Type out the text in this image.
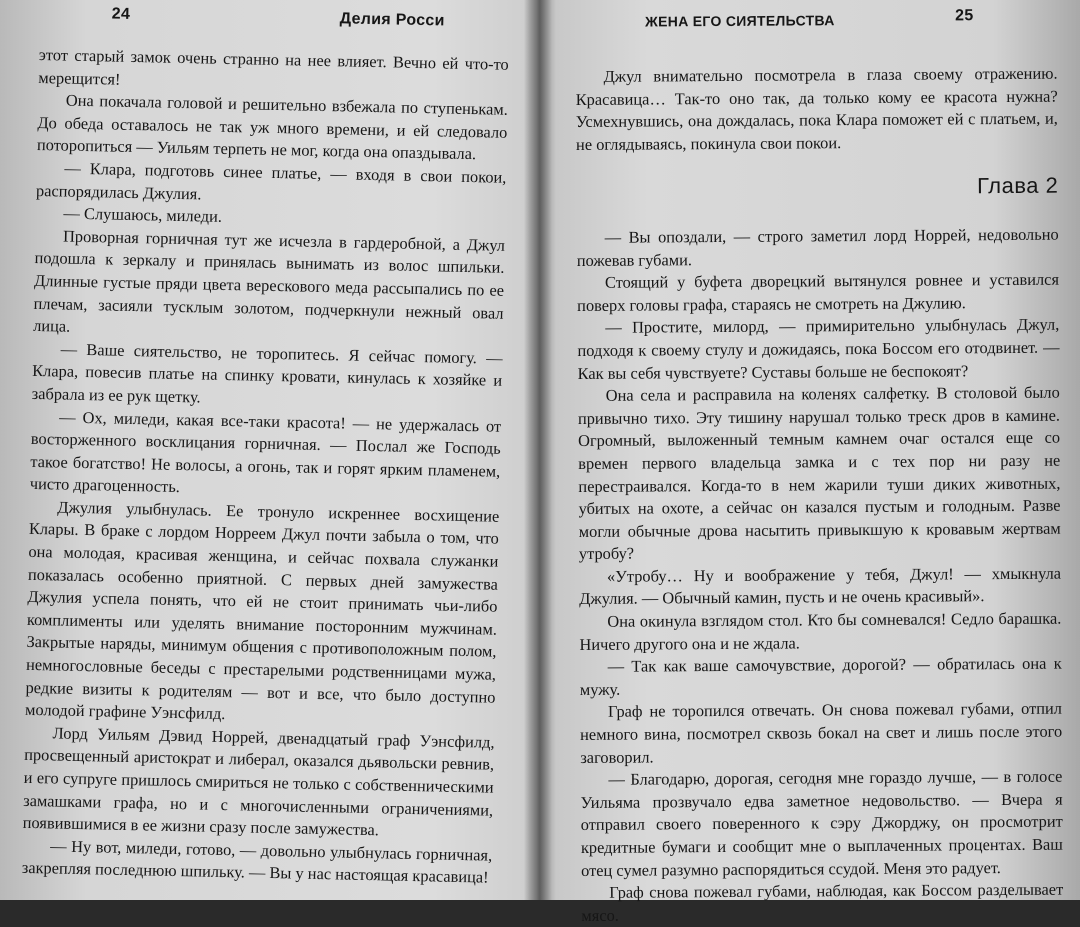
24	Делия Росси

этот старый замок очень странно на нее влияет. Вечно ей что-то мерещится!

Она покачала головой и решительно взбежала по ступенькам. До обеда оставалось не так уж много времени, и ей следовало поторопиться — Уильям терпеть не мог, когда она опаздывала.

— Клара, подготовь синее платье, — входя в свои покои, распорядилась Джулия.

— Слушаюсь, миледи.

Проворная горничная тут же исчезла в гардеробной, а Джул подошла к зеркалу и принялась вынимать из волос шпильки. Длинные густые пряди цвета верескового меда рассыпались по ее плечам, засияли тусклым золотом, подчеркнули нежный овал лица.

— Ваше сиятельство, не торопитесь. Я сейчас помогу. — Клара, повесив платье на спинку кровати, кинулась к хозяйке и забрала из ее рук щетку.

— Ох, миледи, какая все-таки красота! — не удержалась от восторженного восклицания горничная. — Послал же Господь такое богатство! Не волосы, а огонь, так и горят ярким пламенем, чисто драгоценность.

Джулия улыбнулась. Ее тронуло искреннее восхищение Клары. В браке с лордом Норреем Джул почти забыла о том, что она молодая, красивая женщина, и сейчас похвала служанки показалась особенно приятной. С первых дней замужества Джулия успела понять, что ей не стоит принимать чьи-либо комплименты или уделять внимание посторонним мужчинам. Закрытые наряды, минимум общения с противоположным полом, немногословные беседы с престарелыми родственницами мужа, редкие визиты к родителям — вот и все, что было доступно молодой графине Уэнсфилд.

Лорд Уильям Дэвид Норрей, двенадцатый граф Уэнсфилд, просвещенный аристократ и либерал, оказался дьявольски ревнив, и его супруге пришлось смириться не только с собственническими замашками графа, но и с многочисленными ограничениями, появившимися в ее жизни сразу после замужества.

— Ну вот, миледи, готово, — довольно улыбнулась горничная, закрепляя последнюю шпильку. — Вы у нас настоящая красавица!

ЖЕНА ЕГО СИЯТЕЛЬСТВА	25

Джул внимательно посмотрела в глаза своему отражению. Красавица… Так-то оно так, да только кому ее красота нужна? Усмехнувшись, она дождалась, пока Клара поможет ей с платьем, и, не оглядываясь, покинула свои покои.

Глава 2

— Вы опоздали, — строго заметил лорд Норрей, недовольно пожевав губами.

Стоящий у буфета дворецкий вытянулся ровнее и уставился поверх головы графа, стараясь не смотреть на Джулию.

— Простите, милорд, — примирительно улыбнулась Джул, подходя к своему стулу и дожидаясь, пока Боссом его отодвинет. — Как вы себя чувствуете? Суставы больше не беспокоят?

Она села и расправила на коленях салфетку. В столовой было привычно тихо. Эту тишину нарушал только треск дров в камине. Огромный, выложенный темным камнем очаг остался еще со времен первого владельца замка и с тех пор ни разу не перестраивался. Когда-то в нем жарили туши диких животных, убитых на охоте, а сейчас он казался пустым и голодным. Разве могли обычные дрова насытить привыкшую к кровавым жертвам утробу?

«Утробу… Ну и воображение у тебя, Джул! — хмыкнула Джулия. — Обычный камин, пусть и не очень красивый».

Она окинула взглядом стол. Кто бы сомневался! Седло барашка. Ничего другого она и не ждала.

— Так как ваше самочувствие, дорогой? — обратилась она к мужу.

Граф не торопился отвечать. Он снова пожевал губами, отпил немного вина, посмотрел сквозь бокал на свет и лишь после этого заговорил.

— Благодарю, дорогая, сегодня мне гораздо лучше, — в голосе Уильяма прозвучало едва заметное недовольство. — Вчера я отправил своего поверенного к сэру Джорджу, он просмотрит кредитные бумаги и сообщит мне о выплаченных процентах. Ваш отец сумел разумно распорядиться ссудой. Меня это радует.

Граф снова пожевал губами, наблюдая, как Боссом разделывает мясо.
